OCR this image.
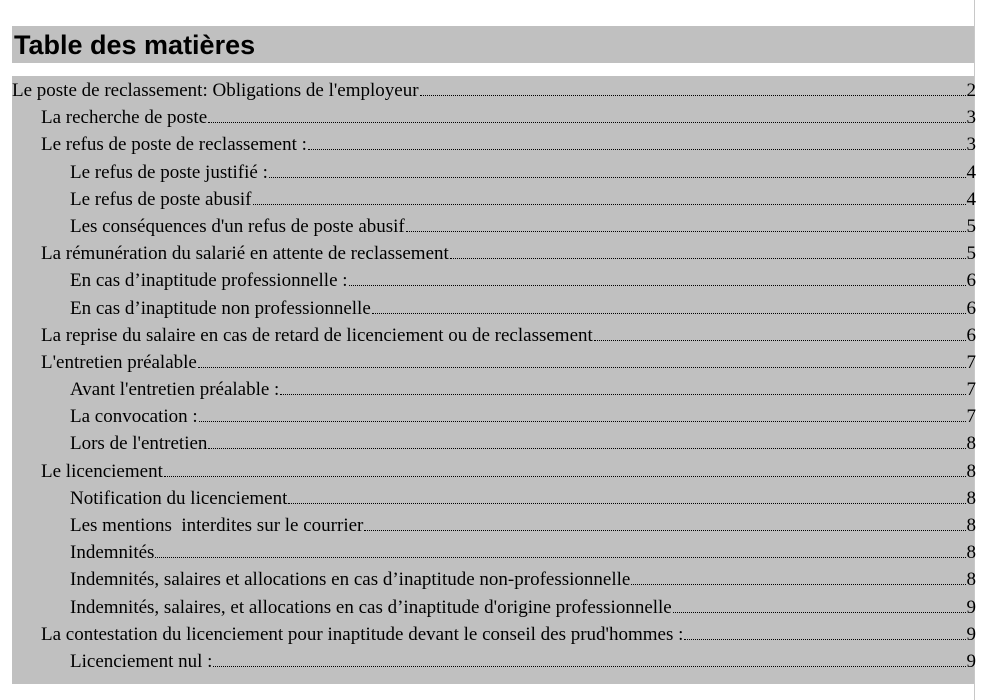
Table des matières
Le poste de reclassement: Obligations de l'employeur	2
La recherche de poste	3
Le refus de poste de reclassement :	3
Le refus de poste justifié :	4
Le refus de poste abusif	4
Les conséquences d'un refus de poste abusif	5
La rémunération du salarié en attente de reclassement	5
En cas d’inaptitude professionnelle :	6
En cas d’inaptitude non professionnelle	6
La reprise du salaire en cas de retard de licenciement ou de reclassement	6
L'entretien préalable	7
Avant l'entretien préalable :	7
La convocation :	7
Lors de l'entretien	8
Le licenciement	8
Notification du licenciement	8
Les mentions  interdites sur le courrier	8
Indemnités	8
Indemnités, salaires et allocations en cas d’inaptitude non-professionnelle	8
Indemnités, salaires, et allocations en cas d’inaptitude d'origine professionnelle	9
La contestation du licenciement pour inaptitude devant le conseil des prud'hommes :	9
Licenciement nul :	9
